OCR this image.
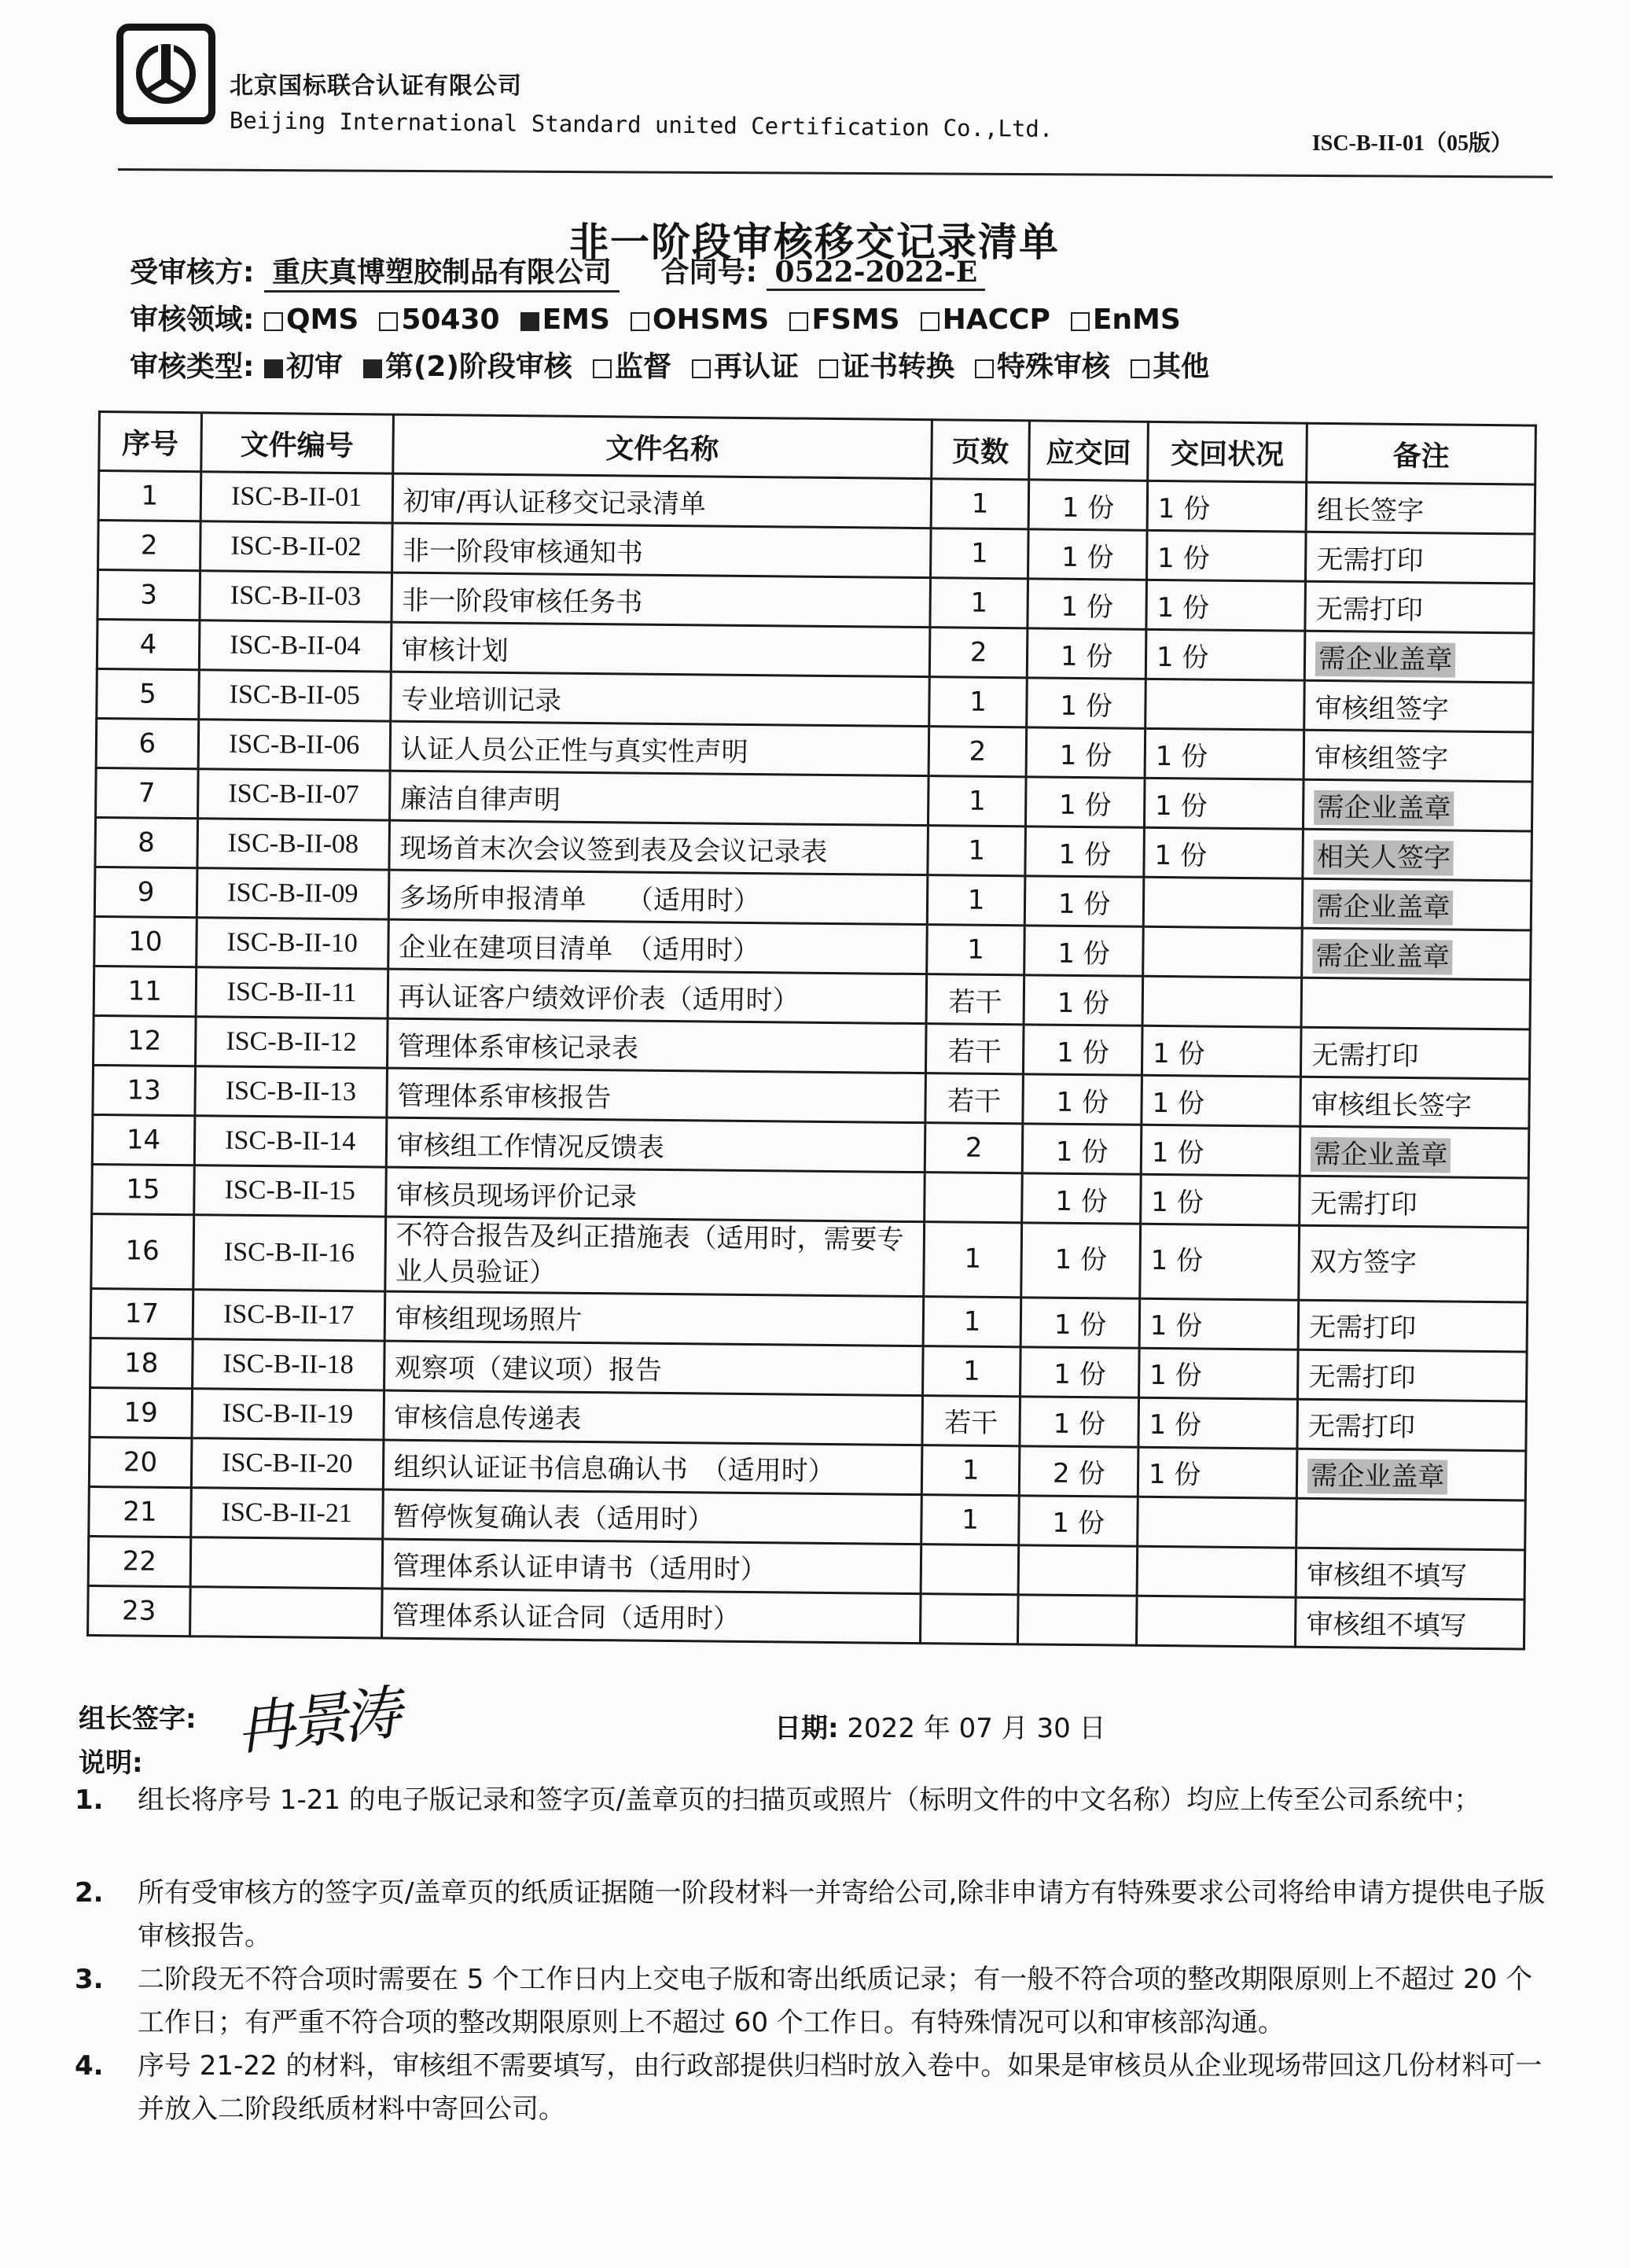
北京国标联合认证有限公司
Beijing International Standard united Certification Co.,Ltd.
ISC-B-II-01（05版）
非一阶段审核移交记录清单
受审核方: 重庆真博塑胶制品有限公司 合同号: 0522-2022-E
审核领域: QMS 50430 EMS OHSMS FSMS HACCP EnMS
审核类型: 初审 第(2)阶段审核 监督 再认证 证书转换 特殊审核 其他
序号	文件编号	文件名称	页数	应交回	交回状况	备注
1	ISC-B-II-01	初审/再认证移交记录清单	1	1 份	1 份	组长签字
2	ISC-B-II-02	非一阶段审核通知书	1	1 份	1 份	无需打印
3	ISC-B-II-03	非一阶段审核任务书	1	1 份	1 份	无需打印
4	ISC-B-II-04	审核计划	2	1 份	1 份	需企业盖章
5	ISC-B-II-05	专业培训记录	1	1 份		审核组签字
6	ISC-B-II-06	认证人员公正性与真实性声明	2	1 份	1 份	审核组签字
7	ISC-B-II-07	廉洁自律声明	1	1 份	1 份	需企业盖章
8	ISC-B-II-08	现场首末次会议签到表及会议记录表	1	1 份	1 份	相关人签字
9	ISC-B-II-09	多场所申报清单　　（适用时）	1	1 份		需企业盖章
10	ISC-B-II-10	企业在建项目清单　（适用时）	1	1 份		需企业盖章
11	ISC-B-II-11	再认证客户绩效评价表（适用时）	若干	1 份		
12	ISC-B-II-12	管理体系审核记录表	若干	1 份	1 份	无需打印
13	ISC-B-II-13	管理体系审核报告	若干	1 份	1 份	审核组长签字
14	ISC-B-II-14	审核组工作情况反馈表	2	1 份	1 份	需企业盖章
15	ISC-B-II-15	审核员现场评价记录		1 份	1 份	无需打印
16	ISC-B-II-16	不符合报告及纠正措施表（适用时，需要专业人员验证）	1	1 份	1 份	双方签字
17	ISC-B-II-17	审核组现场照片	1	1 份	1 份	无需打印
18	ISC-B-II-18	观察项（建议项）报告	1	1 份	1 份	无需打印
19	ISC-B-II-19	审核信息传递表	若干	1 份	1 份	无需打印
20	ISC-B-II-20	组织认证证书信息确认书　（适用时）	1	2 份	1 份	需企业盖章
21	ISC-B-II-21	暂停恢复确认表（适用时）	1	1 份		
22		管理体系认证申请书（适用时）				审核组不填写
23		管理体系认证合同（适用时）				审核组不填写
组长签字: 冉景涛	日期: 2022 年 07 月 30 日
说明:
1.	组长将序号 1-21 的电子版记录和签字页/盖章页的扫描页或照片（标明文件的中文名称）均应上传至公司系统中；
2.	所有受审核方的签字页/盖章页的纸质证据随一阶段材料一并寄给公司,除非申请方有特殊要求公司将给申请方提供电子版审核报告。
3.	二阶段无不符合项时需要在 5 个工作日内上交电子版和寄出纸质记录；有一般不符合项的整改期限原则上不超过 20 个工作日；有严重不符合项的整改期限原则上不超过 60 个工作日。有特殊情况可以和审核部沟通。
4.	序号 21-22 的材料，审核组不需要填写，由行政部提供归档时放入卷中。如果是审核员从企业现场带回这几份材料可一并放入二阶段纸质材料中寄回公司。
